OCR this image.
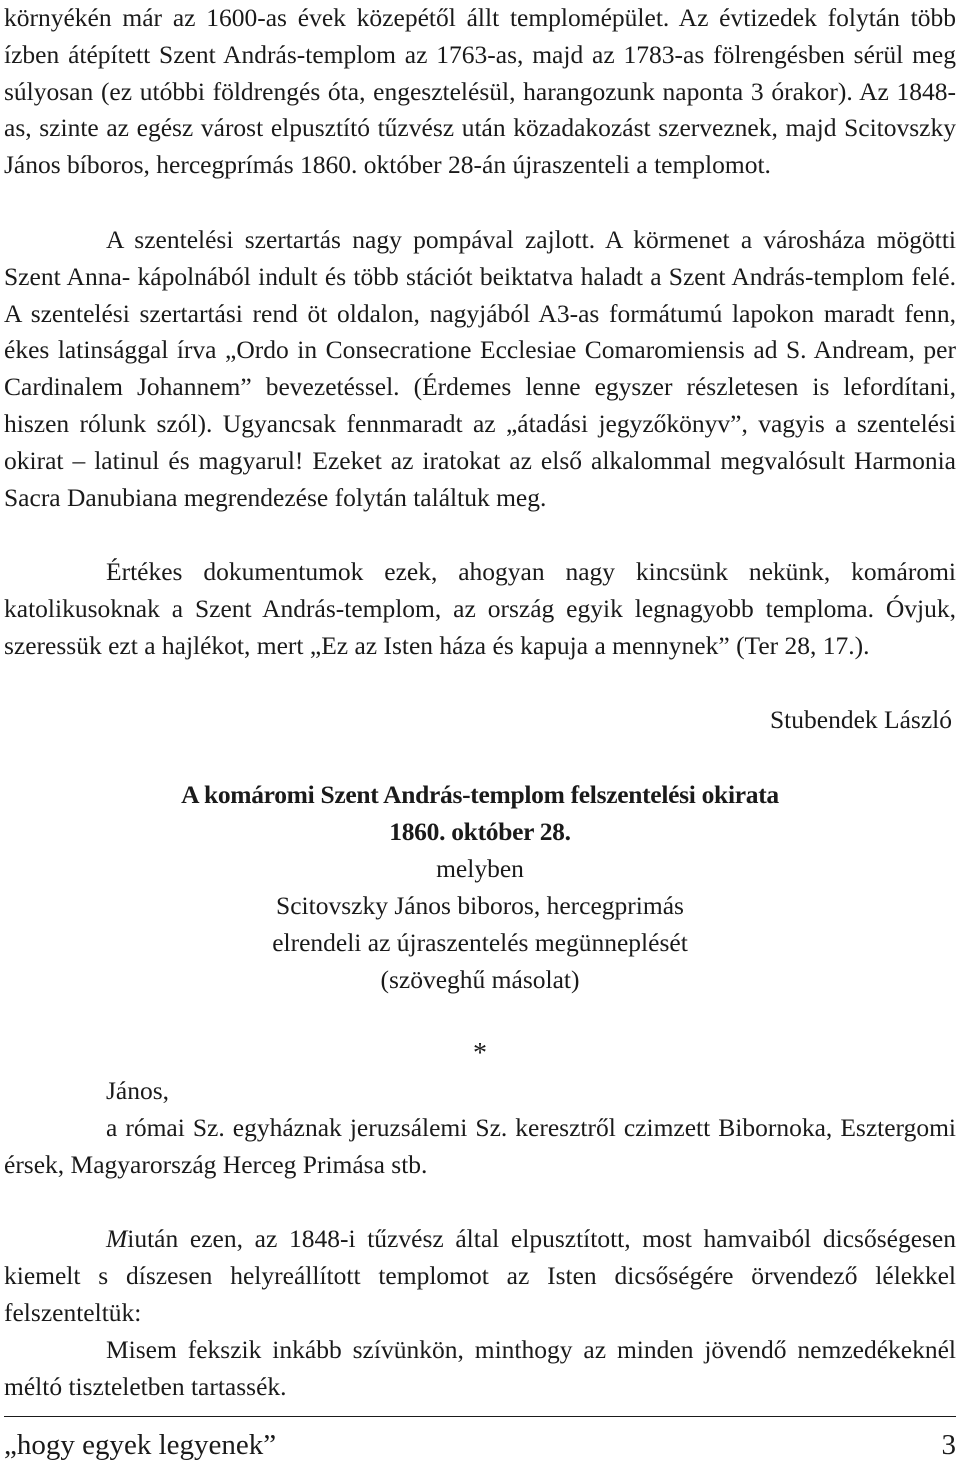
környékén már az 1600-as évek közepétől állt templomépület. Az évtizedek folytán több ízben átépített Szent András-templom az 1763-as, majd az 1783-as fölrengésben sérül meg súlyosan (ez utóbbi földrengés óta, engesztelésül, harangozunk naponta 3 órakor). Az 1848-as, szinte az egész várost elpusztító tűzvész után közadakozást szerveznek, majd Scitovszky János bíboros, hercegprímás 1860. október 28-án újraszenteli a templomot.

A szentelési szertartás nagy pompával zajlott. A körmenet a városháza mögötti Szent Anna- kápolnából indult és több stációt beiktatva haladt a Szent András-templom felé. A szentelési szertartási rend öt oldalon, nagyjából A3-as formátumú lapokon maradt fenn, ékes latinsággal írva „Ordo in Consecratione Ecclesiae Comaromiensis ad S. Andream, per Cardinalem Johannem” bevezetéssel. (Érdemes lenne egyszer részletesen is lefordítani, hiszen rólunk szól). Ugyancsak fennmaradt az „átadási jegyzőkönyv”, vagyis a szentelési okirat – latinul és magyarul! Ezeket az iratokat az első alkalommal megvalósult Harmonia Sacra Danubiana megrendezése folytán találtuk meg.

Értékes dokumentumok ezek, ahogyan nagy kincsünk nekünk, komáromi katolikusoknak a Szent András-templom, az ország egyik legnagyobb temploma. Óvjuk, szeressük ezt a hajlékot, mert „Ez az Isten háza és kapuja a mennynek” (Ter 28, 17.).

Stubendek László

A komáromi Szent András-templom felszentelési okirata

1860. október 28.

melyben

Scitovszky János biboros, hercegprimás

elrendeli az újraszentelés megünneplését

(szöveghű másolat)

*

János,

a római Sz. egyháznak jeruzsálemi Sz. keresztről czimzett Bibornoka, Esztergomi érsek, Magyarország Herceg Primása stb.

Miután ezen, az 1848-i tűzvész által elpusztított, most hamvaiból dicsőségesen kiemelt s díszesen helyreállított templomot az Isten dicsőségére örvendező lélekkel felszenteltük:

Misem fekszik inkább szívünkön, minthogy az minden jövendő nemzedékeknél méltó tiszteletben tartassék.

„hogy egyek legyenek”	3
